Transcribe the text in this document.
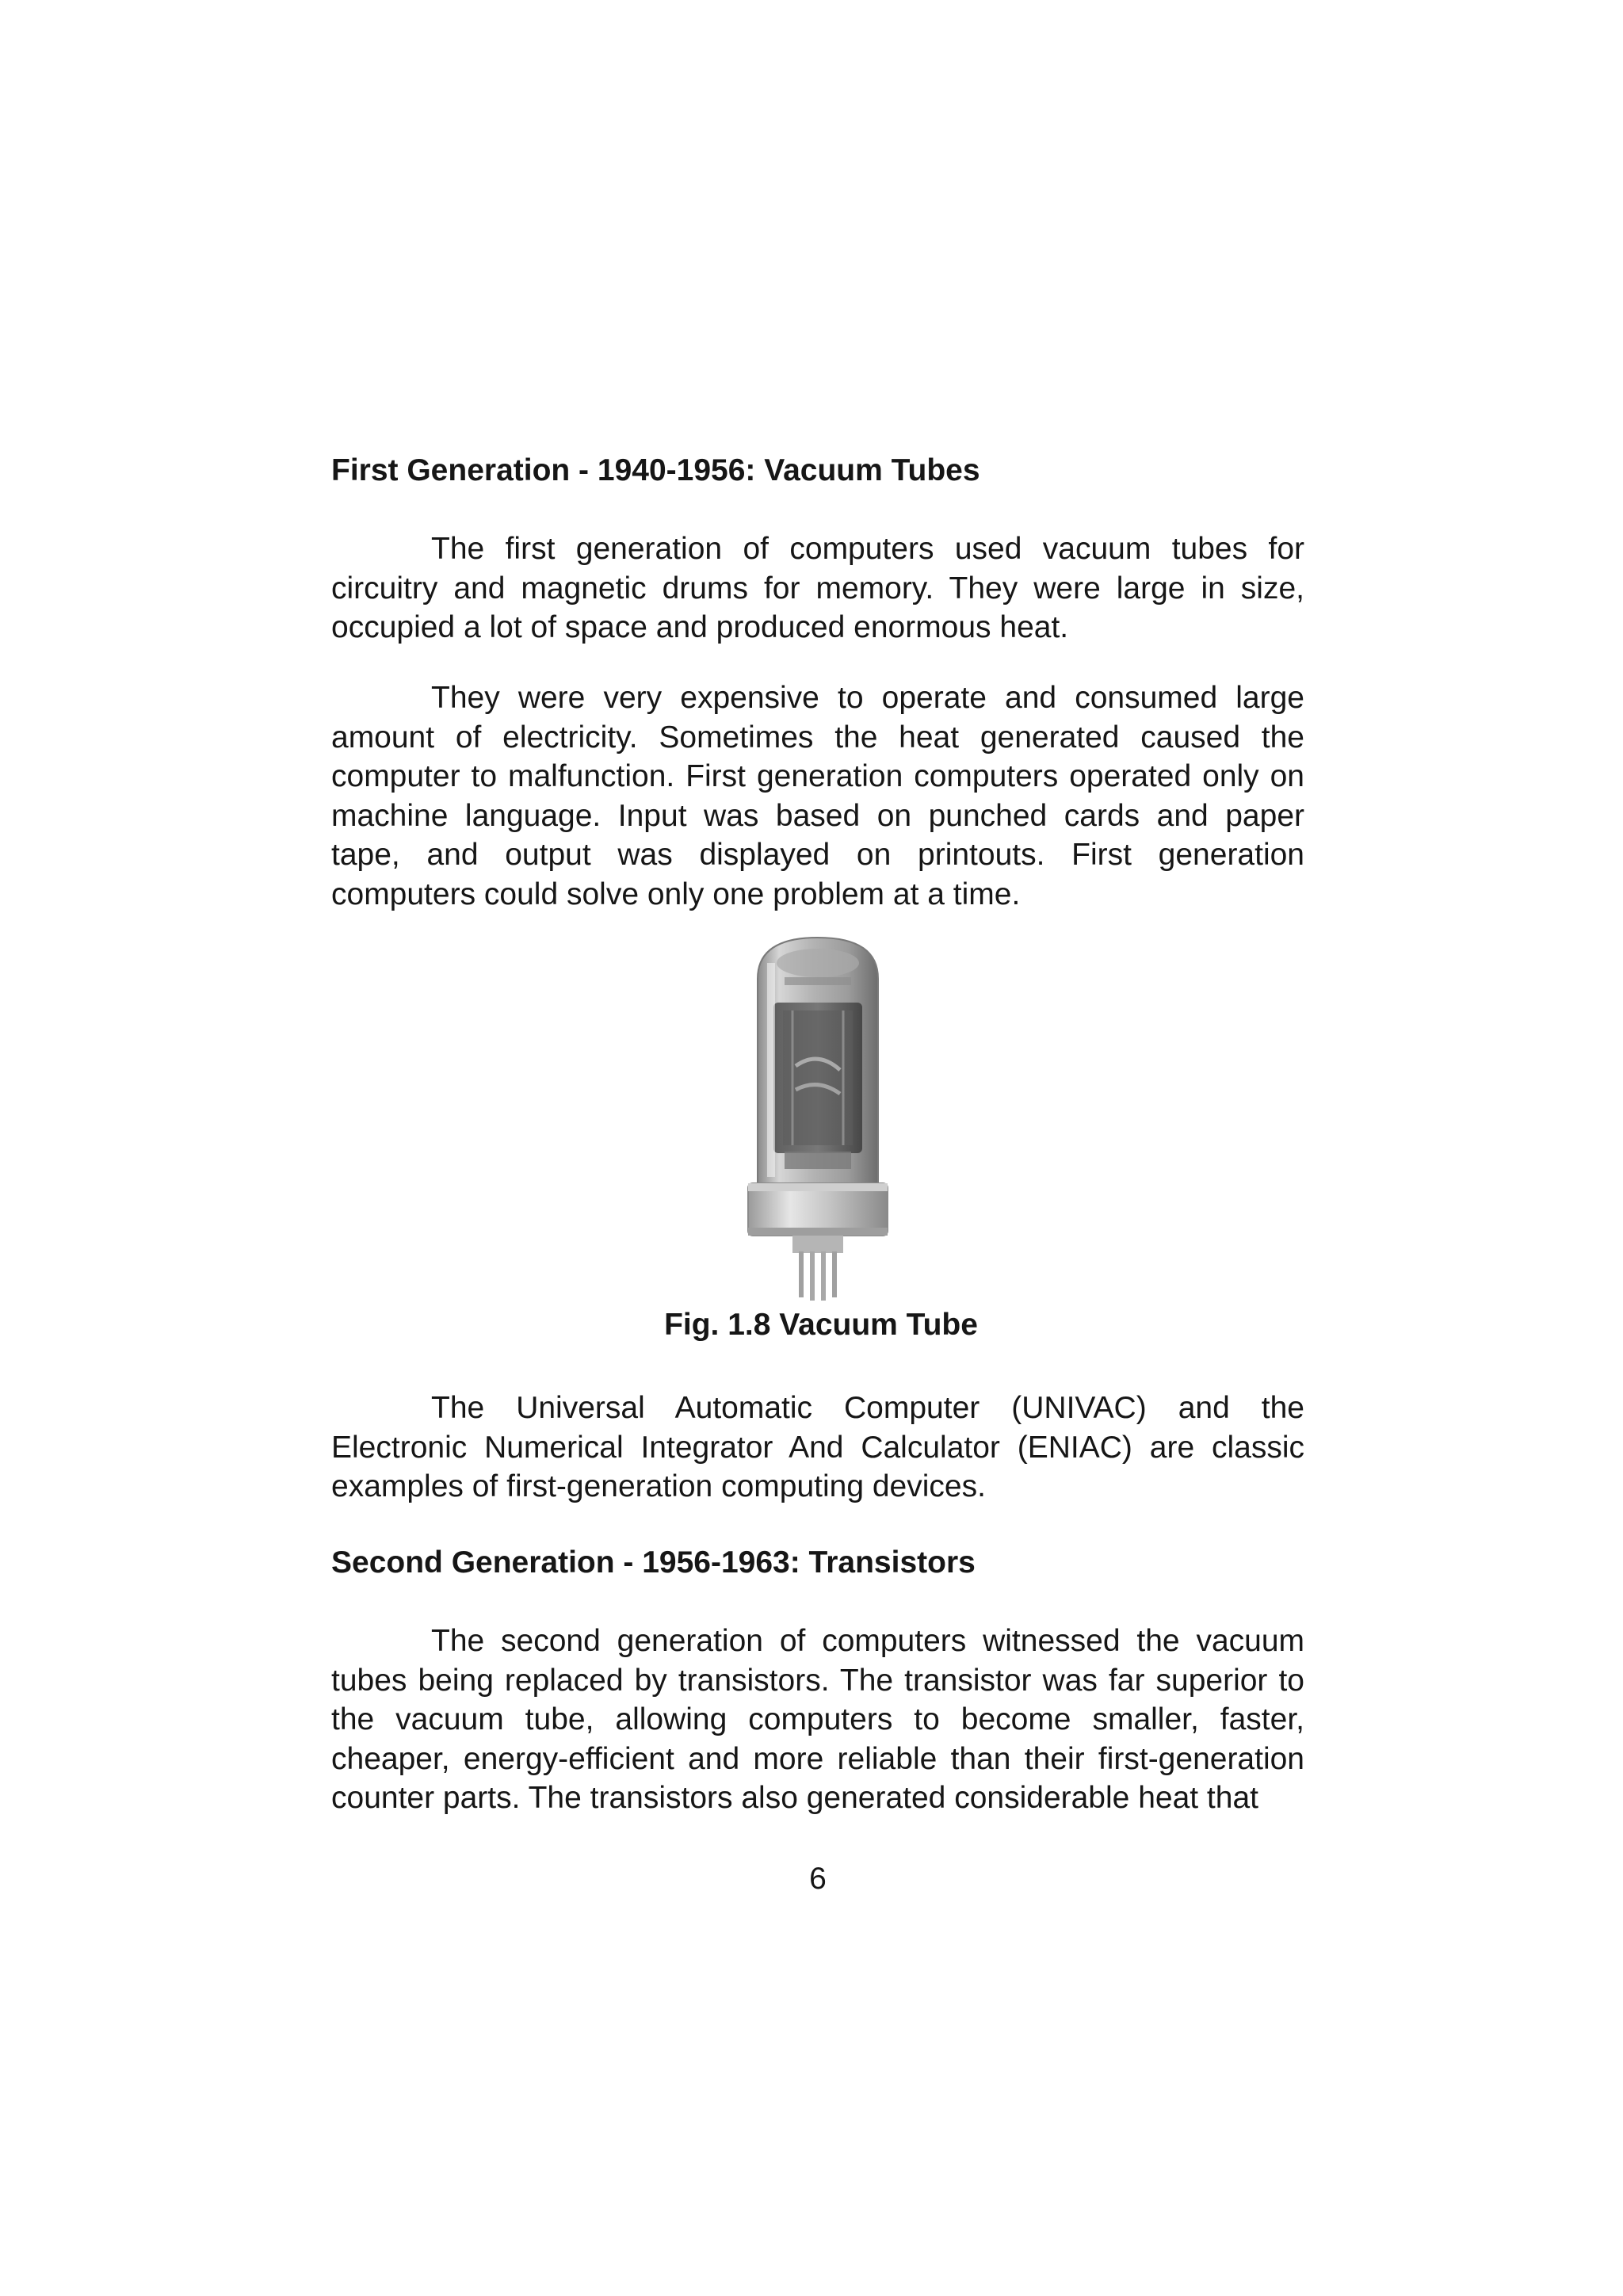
First Generation - 1940-1956: Vacuum Tubes

The first generation of computers used vacuum tubes for circuitry and magnetic drums for memory. They were large in size, occupied a lot of space and produced enormous heat.

They were very expensive to operate and consumed large amount of electricity. Sometimes the heat generated caused the computer to malfunction. First generation computers operated only on machine language. Input was based on punched cards and paper tape, and output was displayed on printouts. First generation computers could solve only one problem at a time.

Fig. 1.8 Vacuum Tube

The Universal Automatic Computer (UNIVAC) and the Electronic Numerical Integrator And Calculator (ENIAC) are classic examples of first-generation computing devices.

Second Generation - 1956-1963: Transistors

The second generation of computers witnessed the vacuum tubes being replaced by transistors. The transistor was far superior to the vacuum tube, allowing computers to become smaller, faster, cheaper, energy-efficient and more reliable than their first-generation counter parts. The transistors also generated considerable heat that

6
